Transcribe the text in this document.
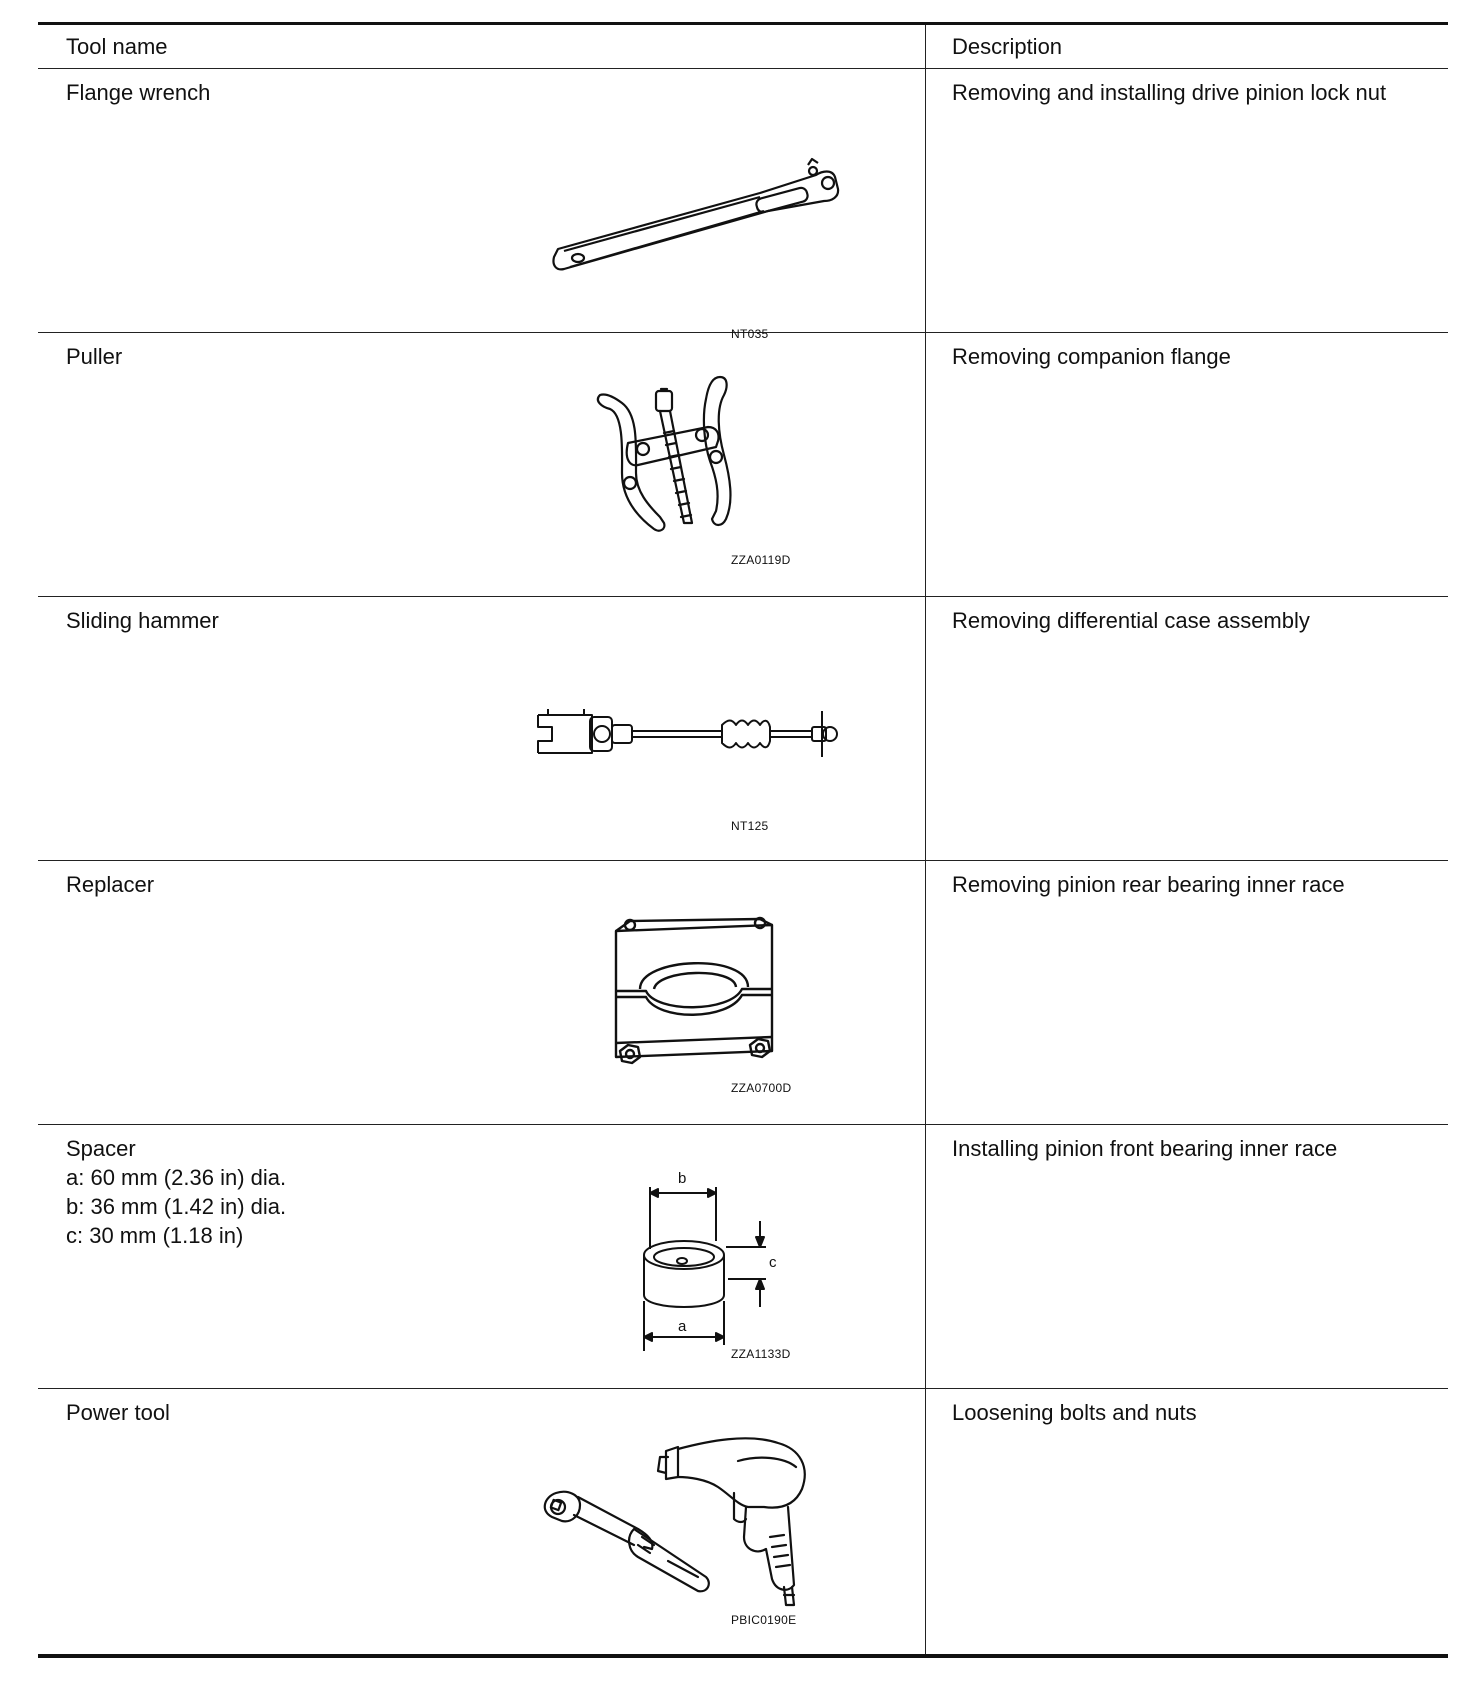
Tool name	Description
Flange wrench
NT035
Removing and installing drive pinion lock nut
Puller
ZZA0119D
Removing companion flange
Sliding hammer
NT125
Removing differential case assembly
Replacer
ZZA0700D
Removing pinion rear bearing inner race
Spacer
a: 60 mm (2.36 in) dia.
b: 36 mm (1.42 in) dia.
c: 30 mm (1.18 in)
b
c
a
ZZA1133D
Installing pinion front bearing inner race
Power tool
PBIC0190E
Loosening bolts and nuts
